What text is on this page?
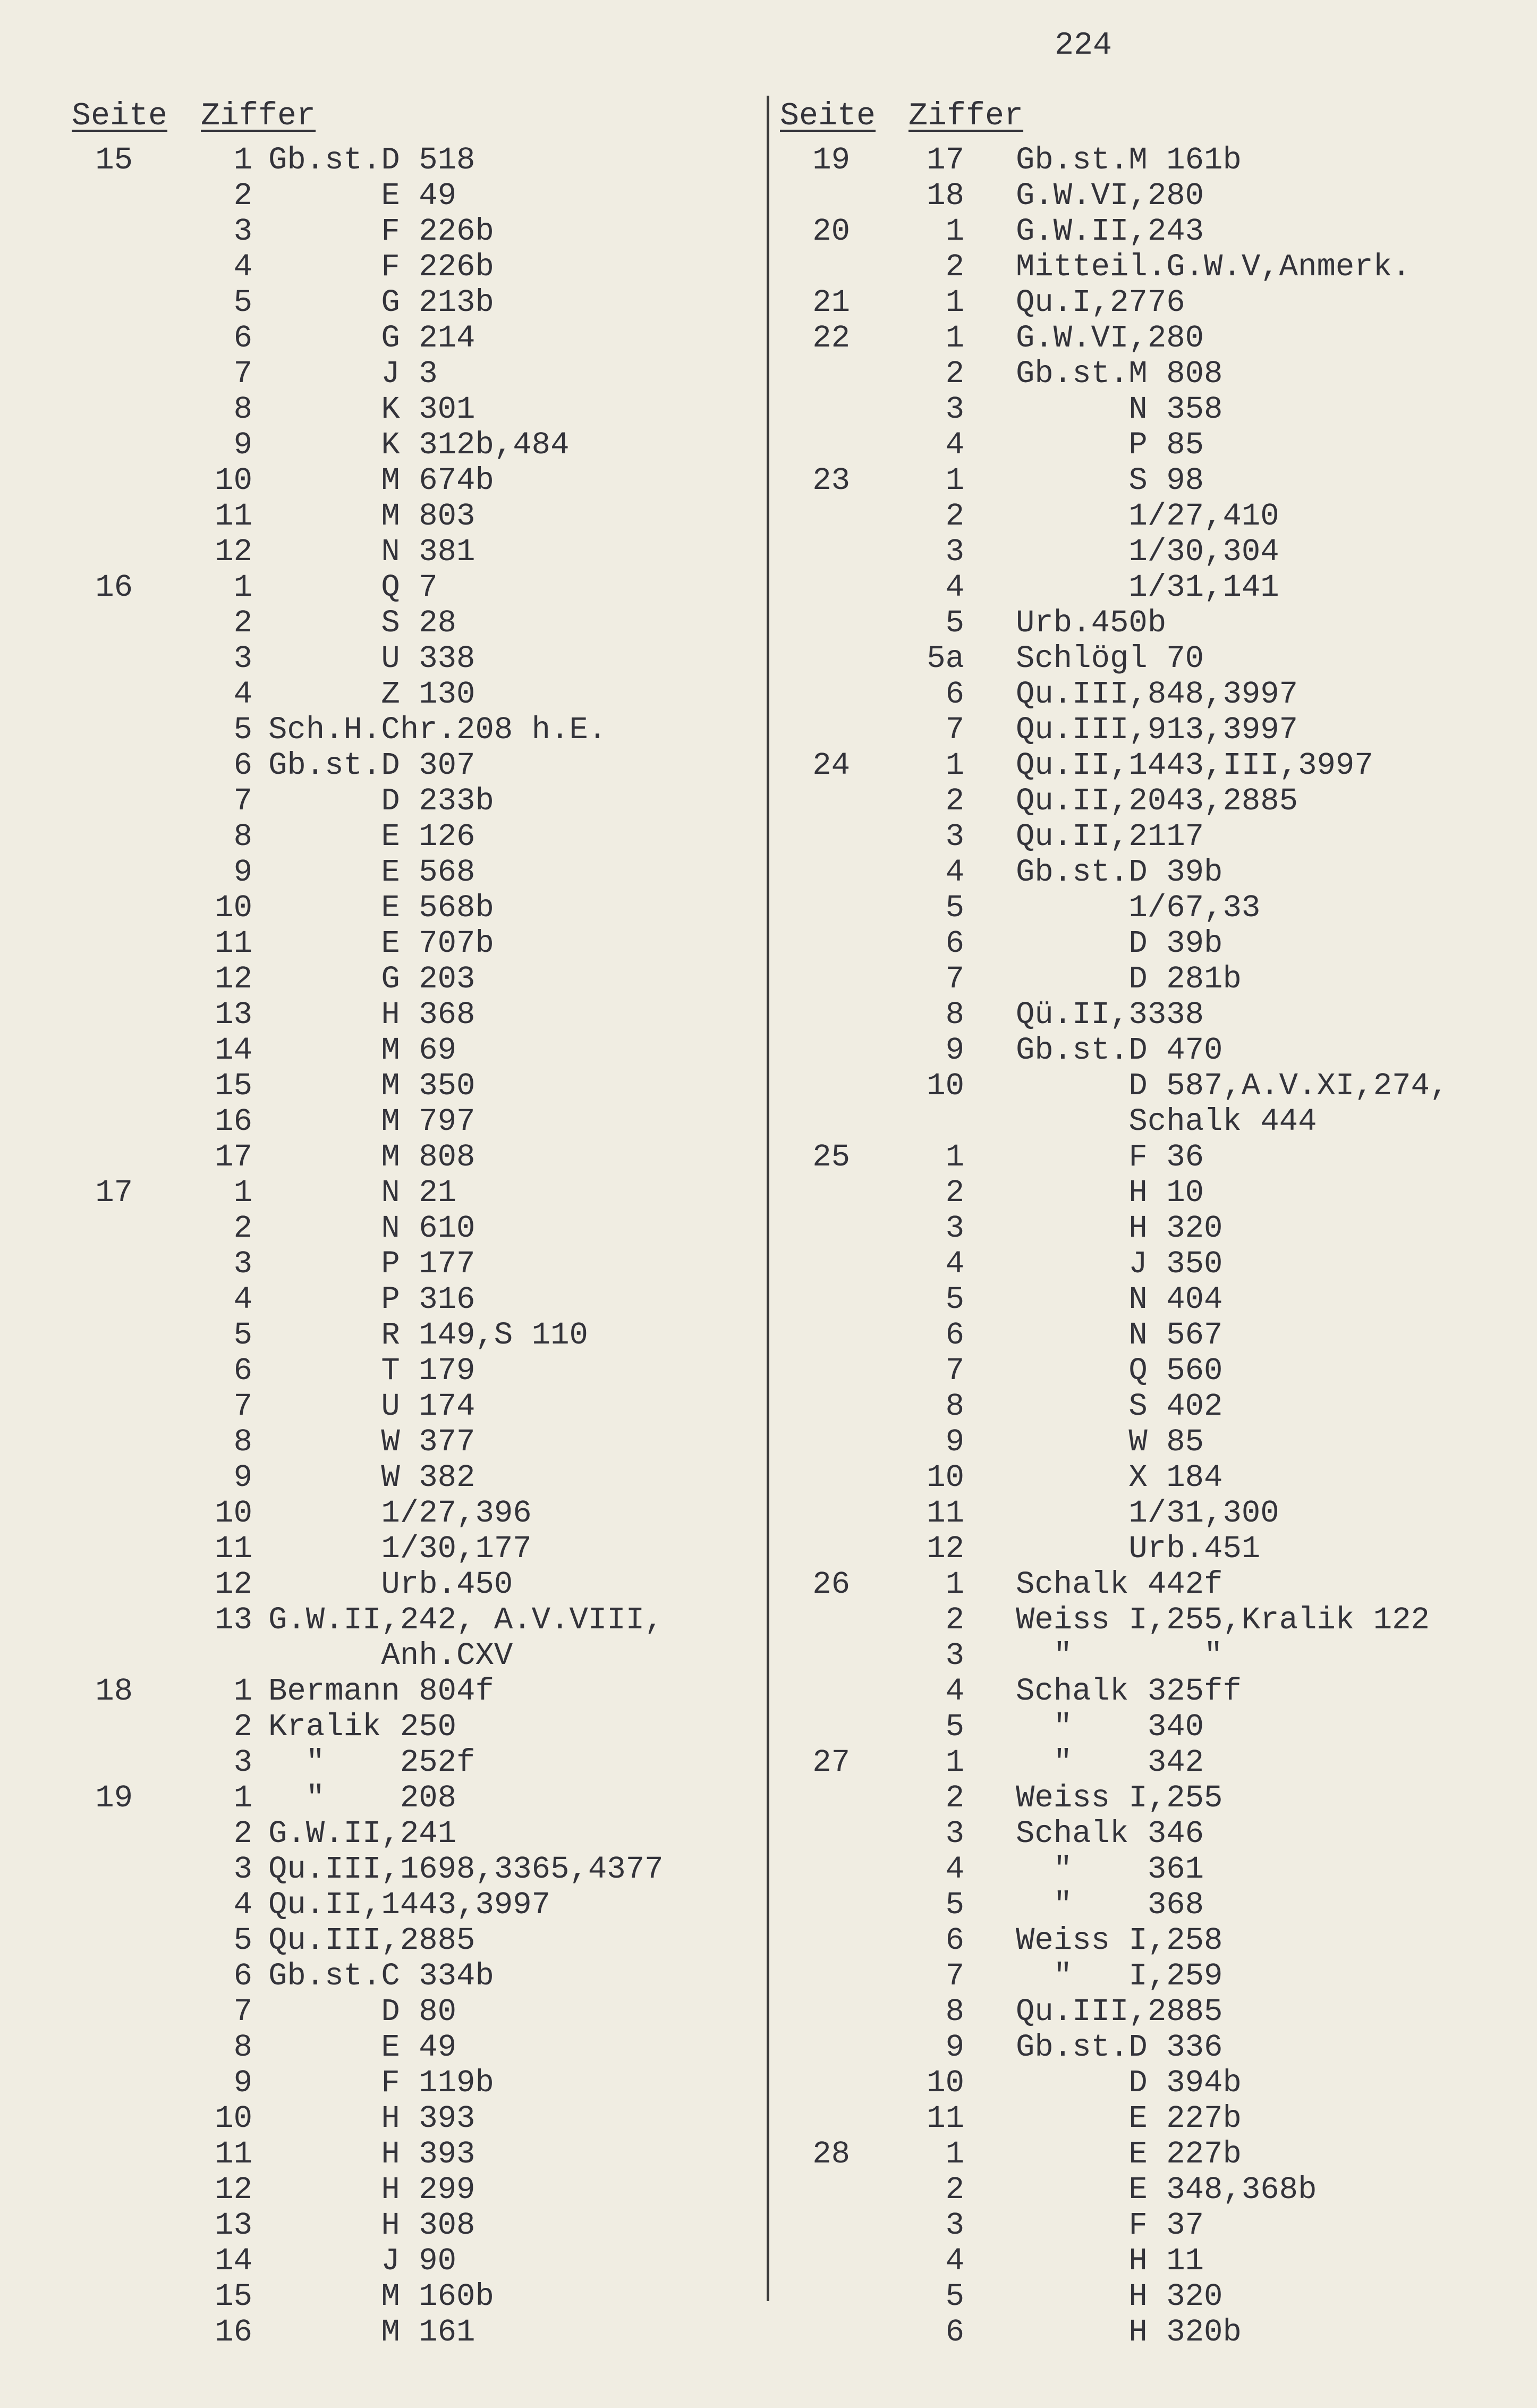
224
Seite Ziffer	Seite Ziffer
15	1 Gb.st.D 518
2 E 49
3 F 226b
4 F 226b
5 G 213b
6 G 214
7 J 3
8 K 301
9 K 312b,484
10 M 674b
11 M 803
12 N 381
16	1 Q 7
2 S 28
3 U 338
4 Z 130
5 Sch.H.Chr.208 h.E.
6 Gb.st.D 307
7 D 233b
8 E 126
9 E 568
10 E 568b
11 E 707b
12 G 203
13 H 368
14 M 69
15 M 350
16 M 797
17 M 808
17	1 N 21
2 N 610
3 P 177
4 P 316
5 R 149,S 110
6 T 179
7 U 174
8 W 377
9 W 382
10 1/27,396
11 1/30,177
12 Urb.450
13 G.W.II,242, A.V.VIII,
Anh.CXV
18	1 Bermann 804f
2 Kralik 250
3 "    252f
19	1 "    208
2 G.W.II,241
3 Qu.III,1698,3365,4377
4 Qu.II,1443,3997
5 Qu.III,2885
6 Gb.st.C 334b
7 D 80
8 E 49
9 F 119b
10 H 393
11 H 393
12 H 299
13 H 308
14 J 90
15 M 160b
16 M 161
19	17 Gb.st.M 161b
18 G.W.VI,280
20	1 G.W.II,243
2 Mitteil.G.W.V,Anmerk.
21	1 Qu.I,2776
22	1 G.W.VI,280
2 Gb.st.M 808
3 N 358
4 P 85
23	1 S 98
2 1/27,410
3 1/30,304
4 1/31,141
5 Urb.450b
5a Schlögl 70
6 Qu.III,848,3997
7 Qu.III,913,3997
24	1 Qu.II,1443,III,3997
2 Qu.II,2043,2885
3 Qu.II,2117
4 Gb.st.D 39b
5 1/67,33
6 D 39b
7 D 281b
8 Qü.II,3338
9 Gb.st.D 470
10 D 587,A.V.XI,274,
Schalk 444
25	1 F 36
2 H 10
3 H 320
4 J 350
5 N 404
6 N 567
7 Q 560
8 S 402
9 W 85
10 X 184
11 1/31,300
12 Urb.451
26	1 Schalk 442f
2 Weiss I,255,Kralik 122
3 "       "
4 Schalk 325ff
5 "    340
27	1 "    342
2 Weiss I,255
3 Schalk 346
4 "    361
5 "    368
6 Weiss I,258
7 "   I,259
8 Qu.III,2885
9 Gb.st.D 336
10 D 394b
11 E 227b
28	1 E 227b
2 E 348,368b
3 F 37
4 H 11
5 H 320
6 H 320b
